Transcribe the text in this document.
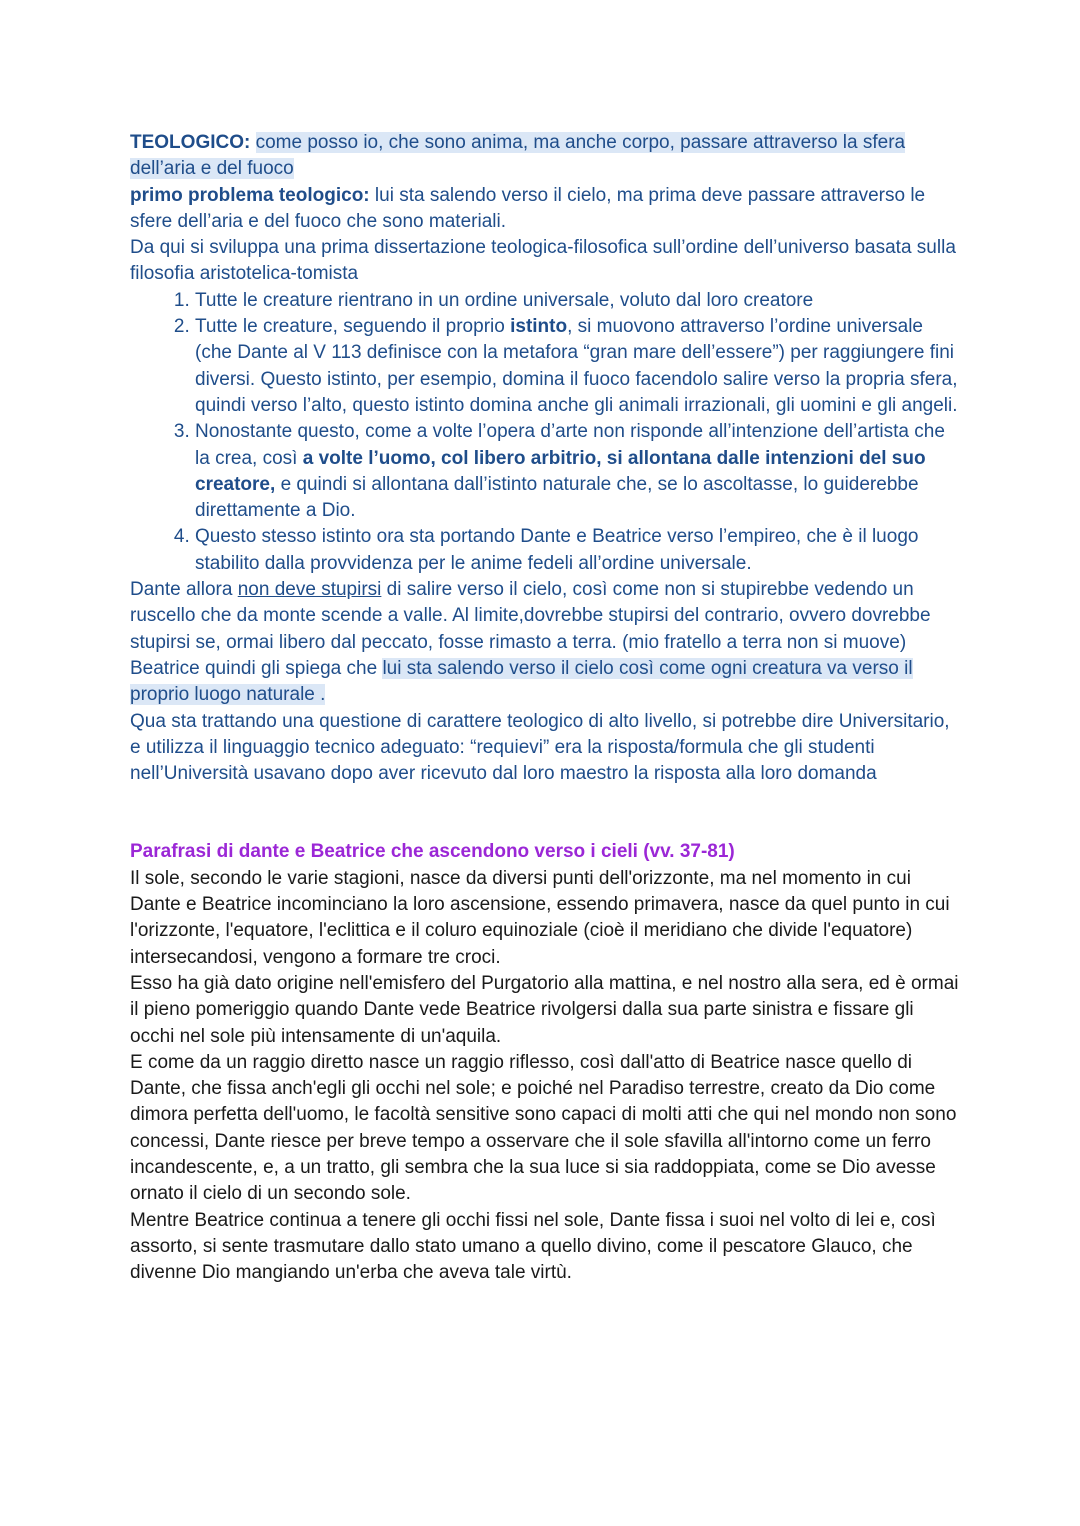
TEOLOGICO: come posso io, che sono anima, ma anche corpo, passare attraverso la sfera dell’aria e del fuoco

primo problema teologico: lui sta salendo verso il cielo, ma prima deve passare attraverso le sfere dell’aria e del fuoco che sono materiali.

Da qui si sviluppa una prima dissertazione teologica-filosofica sull’ordine dell’universo basata sulla filosofia aristotelica-tomista

1. Tutte le creature rientrano in un ordine universale, voluto dal loro creatore
2. Tutte le creature, seguendo il proprio istinto, si muovono attraverso l’ordine universale (che Dante al V 113 definisce con la metafora “gran mare dell’essere”) per raggiungere fini diversi. Questo istinto, per esempio, domina il fuoco facendolo salire verso la propria sfera, quindi verso l’alto, questo istinto domina anche gli animali irrazionali, gli uomini e gli angeli.
3. Nonostante questo, come a volte l’opera d’arte non risponde all’intenzione dell’artista che la crea, così a volte l’uomo, col libero arbitrio, si allontana dalle intenzioni del suo creatore, e quindi si allontana dall’istinto naturale che, se lo ascoltasse, lo guiderebbe direttamente a Dio.
4. Questo stesso istinto ora sta portando Dante e Beatrice verso l’empireo, che è il luogo stabilito dalla provvidenza per le anime fedeli all’ordine universale.

Dante allora non deve stupirsi di salire verso il cielo, così come non si stupirebbe vedendo un ruscello che da monte scende a valle. Al limite,dovrebbe stupirsi del contrario, ovvero dovrebbe stupirsi se, ormai libero dal peccato, fosse rimasto a terra. (mio fratello a terra non si muove)

Beatrice quindi gli spiega che lui sta salendo verso il cielo così come ogni creatura va verso il proprio luogo naturale .

Qua sta trattando una questione di carattere teologico di alto livello, si potrebbe dire Universitario, e utilizza il linguaggio tecnico adeguato: “requievi” era la risposta/formula che gli studenti nell’Università usavano dopo aver ricevuto dal loro maestro la risposta alla loro domanda

Parafrasi di dante e Beatrice che ascendono verso i cieli (vv. 37-81)

Il sole, secondo le varie stagioni, nasce da diversi punti dell'orizzonte, ma nel momento in cui Dante e Beatrice incominciano la loro ascensione, essendo primavera, nasce da quel punto in cui l'orizzonte, l'equatore, l'eclittica e il coluro equinoziale (cioè il meridiano che divide l'equatore) intersecandosi, vengono a formare tre croci.

Esso ha già dato origine nell'emisfero del Purgatorio alla mattina, e nel nostro alla sera, ed è ormai il pieno pomeriggio quando Dante vede Beatrice rivolgersi dalla sua parte sinistra e fissare gli occhi nel sole più intensamente di un'aquila.

E come da un raggio diretto nasce un raggio riflesso, così dall'atto di Beatrice nasce quello di Dante, che fissa anch'egli gli occhi nel sole; e poiché nel Paradiso terrestre, creato da Dio come dimora perfetta dell'uomo, le facoltà sensitive sono capaci di molti atti che qui nel mondo non sono concessi, Dante riesce per breve tempo a osservare che il sole sfavilla all'intorno come un ferro incandescente, e, a un tratto, gli sembra che la sua luce si sia raddoppiata, come se Dio avesse ornato il cielo di un secondo sole.

Mentre Beatrice continua a tenere gli occhi fissi nel sole, Dante fissa i suoi nel volto di lei e, così assorto, si sente trasmutare dallo stato umano a quello divino, come il pescatore Glauco, che divenne Dio mangiando un'erba che aveva tale virtù.
